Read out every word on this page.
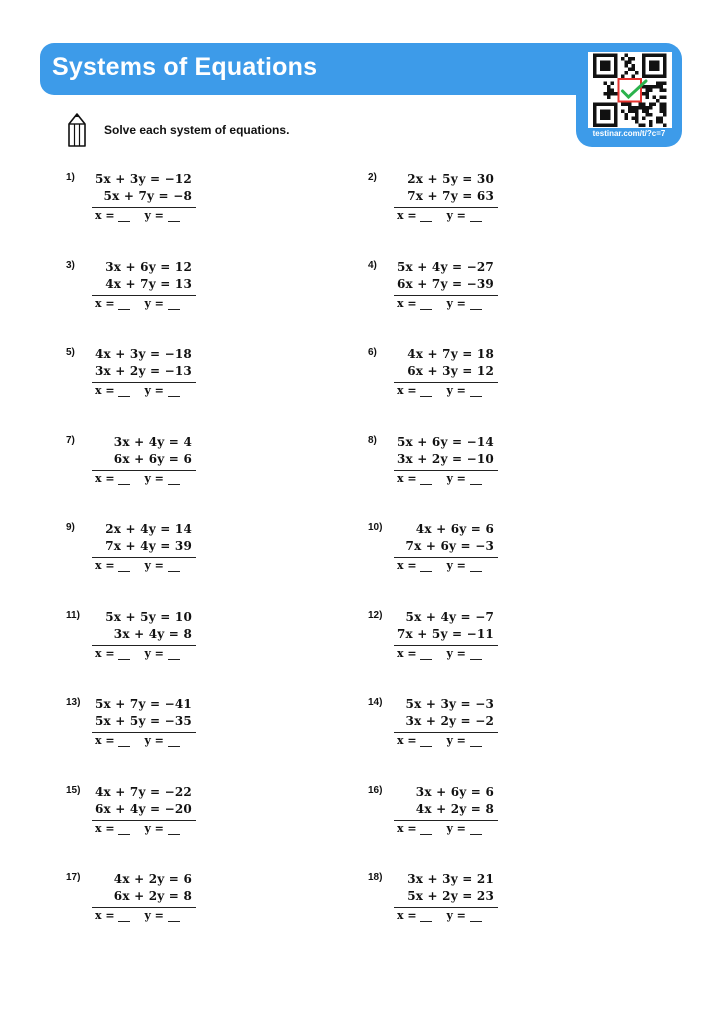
Systems of Equations
testinar.com/t/?c=7
Solve each system of equations.
1) 5x + 3y = −12
5x + 7y = −8
x =	y =
2)	2x + 5y = 30
7x + 7y = 63
x =	y =
3)	3x + 6y = 12
4x + 7y = 13
x =	y =
4) 5x + 4y = −27
6x + 7y = −39
x =	y =
5) 4x + 3y = −18
3x + 2y = −13
x =	y =
6)	4x + 7y = 18
6x + 3y = 12
x =	y =
7)	3x + 4y = 4
6x + 6y = 6
x =	y =
8) 5x + 6y = −14
3x + 2y = −10
x =	y =
9)	2x + 4y = 14
7x + 4y = 39
x =	y =
10)	4x + 6y = 6
7x + 6y = −3
x =	y =
11) 5x + 5y = 10
3x + 4y = 8
x =	y =
12) 5x + 4y = −7
7x + 5y = −11
x =	y =
13) 5x + 7y = −41
5x + 5y = −35
x =	y =
14) 5x + 3y = −3
3x + 2y = −2
x =	y =
15) 4x + 7y = −22
6x + 4y = −20
x =	y =
16)	3x + 6y = 6
4x + 2y = 8
x =	y =
17)	4x + 2y = 6
6x + 2y = 8
x =	y =
18) 3x + 3y = 21
5x + 2y = 23
x =	y =
